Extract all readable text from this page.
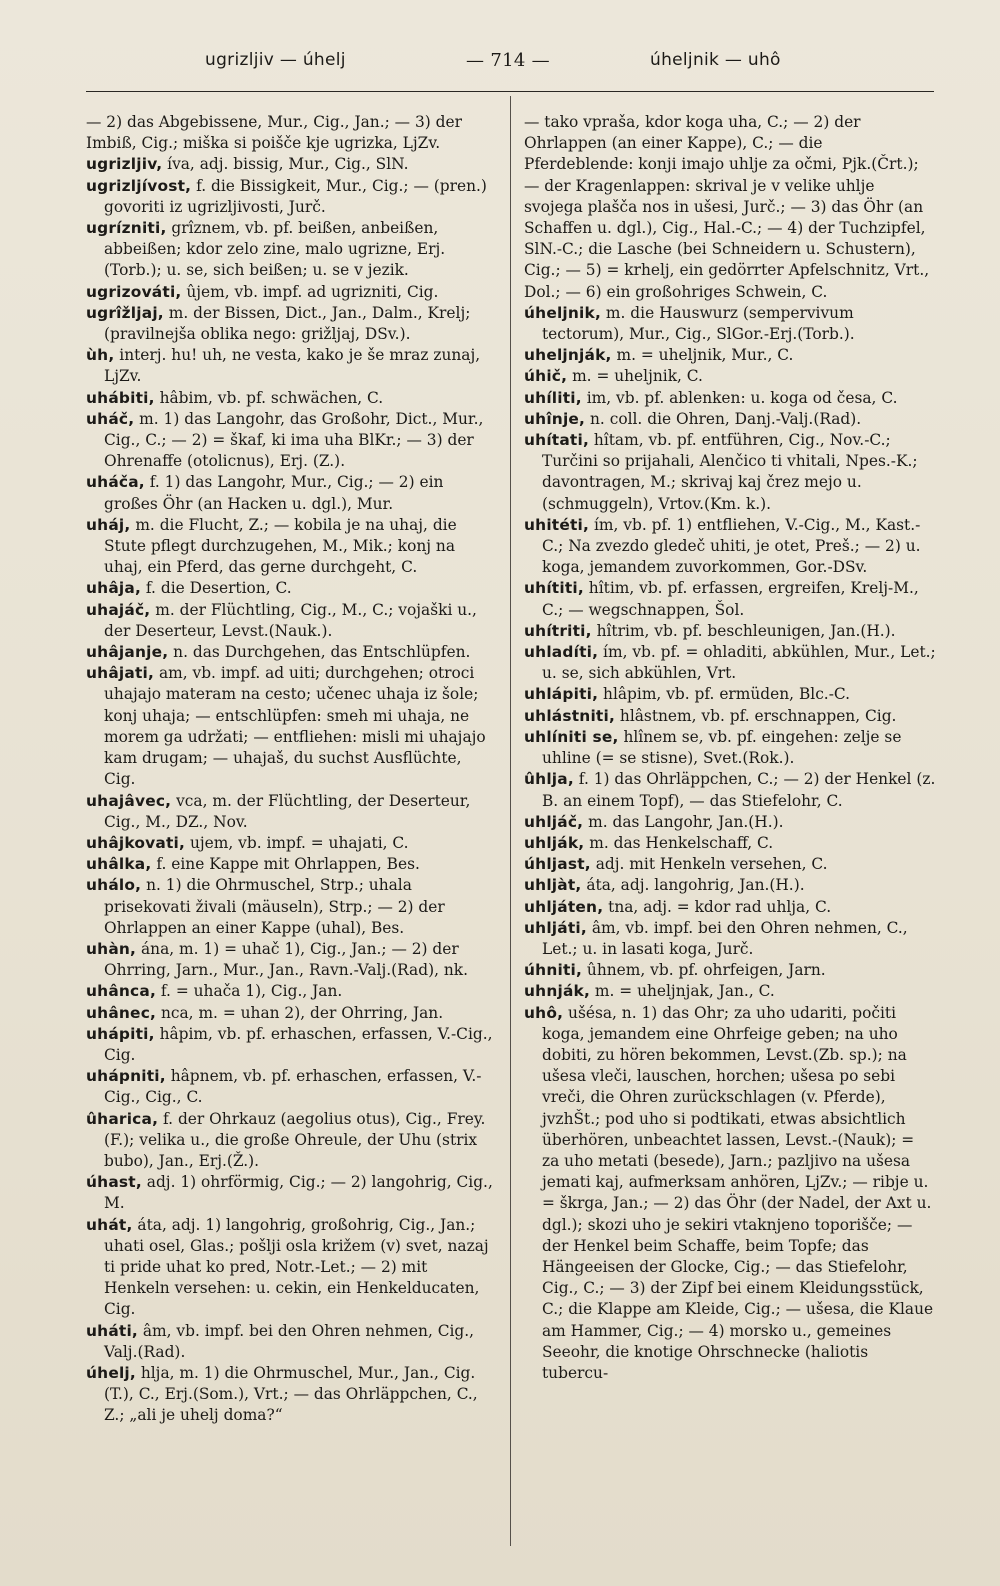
ugrizljiv — úhelj	— 714 —	úheljnik — uhô

— 2) das Abgebissene, Mur., Cig., Jan.; — 3) der Imbiß, Cig.; miška si poišče kje ugrizka, LjZv.

ugrizljiv, íva, adj. bissig, Mur., Cig., SlN.

ugrizljívost, f. die Bissigkeit, Mur., Cig.; — (pren.) govoriti iz ugrizljivosti, Jurč.

ugrízniti, grîznem, vb. pf. beißen, anbeißen, abbeißen; kdor zelo zine, malo ugrizne, Erj. (Torb.); u. se, sich beißen; u. se v jezik.

ugrizováti, ûjem, vb. impf. ad ugrizniti, Cig.

ugrîžljaj, m. der Bissen, Dict., Jan., Dalm., Krelj; (pravilnejša oblika nego: grižljaj, DSv.).

ùh, interj. hu! uh, ne vesta, kako je še mraz zunaj, LjZv.

uhábiti, hâbim, vb. pf. schwächen, C.

uháč, m. 1) das Langohr, das Großohr, Dict., Mur., Cig., C.; — 2) = škaf, ki ima uha BlKr.; — 3) der Ohrenaffe (otolicnus), Erj. (Z.).

uháča, f. 1) das Langohr, Mur., Cig.; — 2) ein großes Öhr (an Hacken u. dgl.), Mur.

uháj, m. die Flucht, Z.; — kobila je na uhaj, die Stute pflegt durchzugehen, M., Mik.; konj na uhaj, ein Pferd, das gerne durchgeht, C.

uhâja, f. die Desertion, C.

uhajáč, m. der Flüchtling, Cig., M., C.; vojaški u., der Deserteur, Levst.(Nauk.).

uhâjanje, n. das Durchgehen, das Entschlüpfen.

uhâjati, am, vb. impf. ad uiti; durchgehen; otroci uhajajo materam na cesto; učenec uhaja iz šole; konj uhaja; — entschlüpfen: smeh mi uhaja, ne morem ga udržati; — entfliehen: misli mi uhajajo kam drugam; — uhajaš, du suchst Ausflüchte, Cig.

uhajâvec, vca, m. der Flüchtling, der Deserteur, Cig., M., DZ., Nov.

uhâjkovati, ujem, vb. impf. = uhajati, C.

uhâlka, f. eine Kappe mit Ohrlappen, Bes.

uhálo, n. 1) die Ohrmuschel, Strp.; uhala prisekovati živali (mäuseln), Strp.; — 2) der Ohrlappen an einer Kappe (uhal), Bes.

uhàn, ána, m. 1) = uhač 1), Cig., Jan.; — 2) der Ohrring, Jarn., Mur., Jan., Ravn.-Valj.(Rad), nk.

uhânca, f. = uhača 1), Cig., Jan.

uhânec, nca, m. = uhan 2), der Ohrring, Jan.

uhápiti, hâpim, vb. pf. erhaschen, erfassen, V.-Cig., Cig.

uhápniti, hâpnem, vb. pf. erhaschen, erfassen, V.-Cig., Cig., C.

ûharica, f. der Ohrkauz (aegolius otus), Cig., Frey.(F.); velika u., die große Ohreule, der Uhu (strix bubo), Jan., Erj.(Ž.).

úhast, adj. 1) ohrförmig, Cig.; — 2) langohrig, Cig., M.

uhát, áta, adj. 1) langohrig, großohrig, Cig., Jan.; uhati osel, Glas.; pošlji osla križem (v) svet, nazaj ti pride uhat ko pred, Notr.-Let.; — 2) mit Henkeln versehen: u. cekin, ein Henkelducaten, Cig.

uháti, âm, vb. impf. bei den Ohren nehmen, Cig., Valj.(Rad).

úhelj, hlja, m. 1) die Ohrmuschel, Mur., Jan., Cig.(T.), C., Erj.(Som.), Vrt.; — das Ohrläppchen, C., Z.; „ali je uhelj doma?“

— tako vpraša, kdor koga uha, C.; — 2) der Ohrlappen (an einer Kappe), C.; — die Pferdeblende: konji imajo uhlje za očmi, Pjk.(Črt.); — der Kragenlappen: skrival je v velike uhlje svojega plašča nos in ušesi, Jurč.; — 3) das Öhr (an Schaffen u. dgl.), Cig., Hal.-C.; — 4) der Tuchzipfel, SlN.-C.; die Lasche (bei Schneidern u. Schustern), Cig.; — 5) = krhelj, ein gedörrter Apfelschnitz, Vrt., Dol.; — 6) ein großohriges Schwein, C.

úheljnik, m. die Hauswurz (sempervivum tectorum), Mur., Cig., SlGor.-Erj.(Torb.).

uheljnják, m. = uheljnik, Mur., C.

úhič, m. = uheljnik, C.

uhíliti, im, vb. pf. ablenken: u. koga od česa, C.

uhînje, n. coll. die Ohren, Danj.-Valj.(Rad).

uhítati, hîtam, vb. pf. entführen, Cig., Nov.-C.; Turčini so prijahali, Alenčico ti vhitali, Npes.-K.; davontragen, M.; skrivaj kaj črez mejo u. (schmuggeln), Vrtov.(Km. k.).

uhitéti, ím, vb. pf. 1) entfliehen, V.-Cig., M., Kast.-C.; Na zvezdo gledeč uhiti, je otet, Preš.; — 2) u. koga, jemandem zuvorkommen, Gor.-DSv.

uhítiti, hîtim, vb. pf. erfassen, ergreifen, Krelj-M., C.; — wegschnappen, Šol.

uhítriti, hîtrim, vb. pf. beschleunigen, Jan.(H.).

uhladíti, ím, vb. pf. = ohladiti, abkühlen, Mur., Let.; u. se, sich abkühlen, Vrt.

uhlápiti, hlâpim, vb. pf. ermüden, Blc.-C.

uhlástniti, hlâstnem, vb. pf. erschnappen, Cig.

uhlíniti se, hlînem se, vb. pf. eingehen: zelje se uhline (= se stisne), Svet.(Rok.).

ûhlja, f. 1) das Ohrläppchen, C.; — 2) der Henkel (z. B. an einem Topf), — das Stiefelohr, C.

uhljáč, m. das Langohr, Jan.(H.).

uhlják, m. das Henkelschaff, C.

úhljast, adj. mit Henkeln versehen, C.

uhljàt, áta, adj. langohrig, Jan.(H.).

uhljáten, tna, adj. = kdor rad uhlja, C.

uhljáti, âm, vb. impf. bei den Ohren nehmen, C., Let.; u. in lasati koga, Jurč.

úhniti, ûhnem, vb. pf. ohrfeigen, Jarn.

uhnják, m. = uheljnjak, Jan., C.

uhô, ušésa, n. 1) das Ohr; za uho udariti, počiti koga, jemandem eine Ohrfeige geben; na uho dobiti, zu hören bekommen, Levst.(Zb. sp.); na ušesa vleči, lauschen, horchen; ušesa po sebi vreči, die Ohren zurückschlagen (v. Pferde), jvzhŠt.; pod uho si podtikati, etwas absichtlich überhören, unbeachtet lassen, Levst.-(Nauk); = za uho metati (besede), Jarn.; pazljivo na ušesa jemati kaj, aufmerksam anhören, LjZv.; — ribje u. = škrga, Jan.; — 2) das Öhr (der Nadel, der Axt u. dgl.); skozi uho je sekiri vtaknjeno toporišče; — der Henkel beim Schaffe, beim Topfe; das Hängeeisen der Glocke, Cig.; — das Stiefelohr, Cig., C.; — 3) der Zipf bei einem Kleidungsstück, C.; die Klappe am Kleide, Cig.; — ušesa, die Klaue am Hammer, Cig.; — 4) morsko u., gemeines Seeohr, die knotige Ohrschnecke (haliotis tubercu-
